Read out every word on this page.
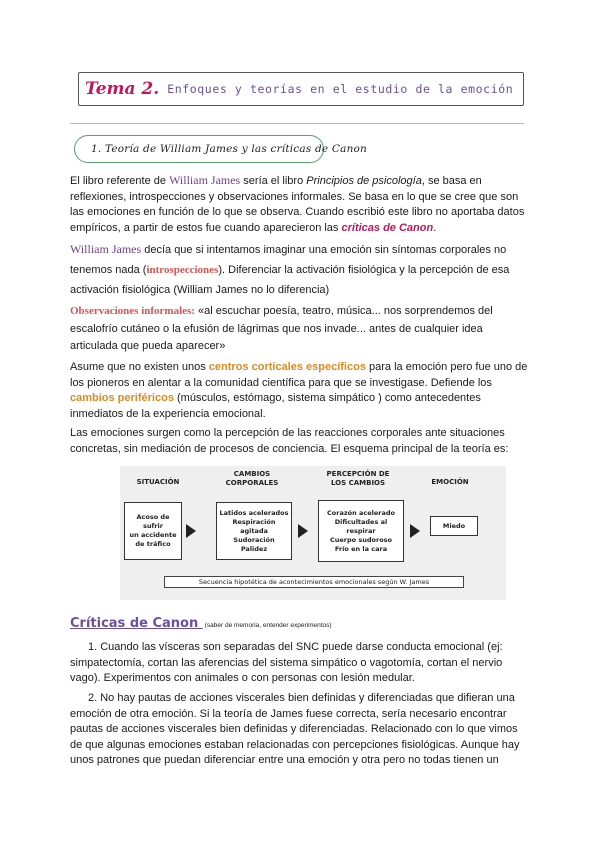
Tema 2. Enfoques y teorías en el estudio de la emoción
1. Teoría de William James y las críticas de Canon

El libro referente de William James sería el libro Principios de psicología, se basa en reflexiones, introspecciones y observaciones informales. Se basa en lo que se cree que son las emociones en función de lo que se observa. Cuando escribió este libro no aportaba datos empíricos, a partir de estos fue cuando aparecieron las críticas de Canon.

William James decía que si intentamos imaginar una emoción sin síntomas corporales no tenemos nada (introspecciones). Diferenciar la activación fisiológica y la percepción de esa activación fisiológica (William James no lo diferencia)

Observaciones informales: «al escuchar poesía, teatro, música... nos sorprendemos del escalofrío cutáneo o la efusión de lágrimas que nos invade... antes de cualquier idea articulada que pueda aparecer»

Asume que no existen unos centros corticales específicos para la emoción pero fue uno de los pioneros en alentar a la comunidad científica para que se investigase. Defiende los cambios periféricos (músculos, estómago, sistema simpático ) como antecedentes inmediatos de la experiencia emocional.

Las emociones surgen como la percepción de las reacciones corporales ante situaciones concretas, sin mediación de procesos de conciencia. El esquema principal de la teoría es:

SITUACIÓN
CAMBIOS
CORPORALES
PERCEPCIÓN DE
LOS CAMBIOS	EMOCIÓN
Acoso de
sufrir
un accidente
de tráfico
Latidos acelerados
Respiración
agitada
Sudoración
Palidez
Corazón acelerado
Dificultades al
respirar
Cuerpo sudoroso
Frío en la cara
Miedo
Secuencia hipotética de acontecimientos emocionales según W. James
Críticas de Canon (saber de memoria, entender experimentos)

1. Cuando las vísceras son separadas del SNC puede darse conducta emocional (ej: simpatectomía, cortan las aferencias del sistema simpático o vagotomía, cortan el nervio vago). Experimentos con animales o con personas con lesión medular.

2. No hay pautas de acciones viscerales bien definidas y diferenciadas que difieran una emoción de otra emoción. Si la teoría de James fuese correcta, sería necesario encontrar pautas de acciones viscerales bien definidas y diferenciadas. Relacionado con lo que vimos de que algunas emociones estaban relacionadas con percepciones fisiológicas. Aunque hay unos patrones que puedan diferenciar entre una emoción y otra pero no todas tienen un
